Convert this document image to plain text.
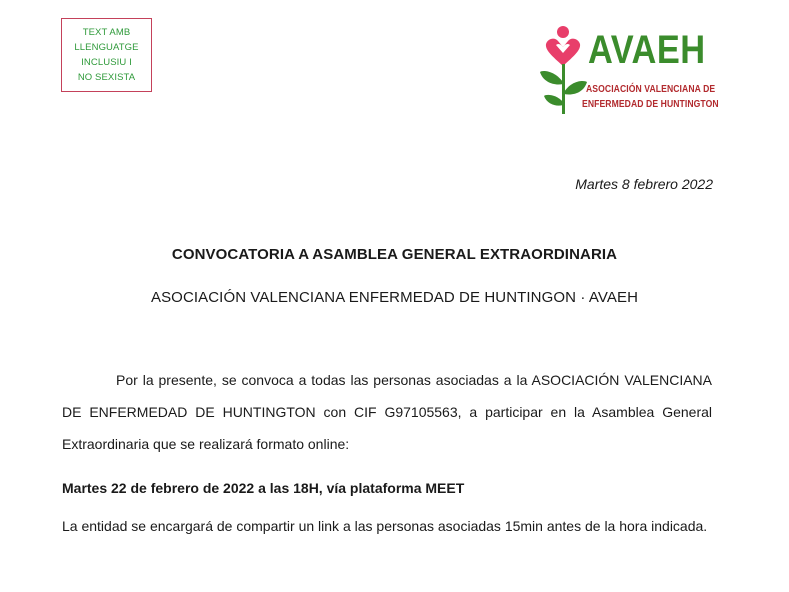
TEXT AMB
LLENGUATGE
INCLUSIU I
NO SEXISTA
AVAEH
ASOCIACIÓN VALENCIANA DE
ENFERMEDAD DE HUNTINGTON
Martes 8 febrero 2022
CONVOCATORIA A ASAMBLEA GENERAL EXTRAORDINARIA
ASOCIACIÓN VALENCIANA ENFERMEDAD DE HUNTINGON · AVAEH
Por la presente, se convoca a todas las personas asociadas a la ASOCIACIÓN VALENCIANA DE ENFERMEDAD DE HUNTINGTON con CIF G97105563, a participar en la Asamblea General Extraordinaria que se realizará formato online:
Martes 22 de febrero de 2022 a las 18H, vía plataforma MEET
La entidad se encargará de compartir un link a las personas asociadas 15min antes de la hora indicada.
